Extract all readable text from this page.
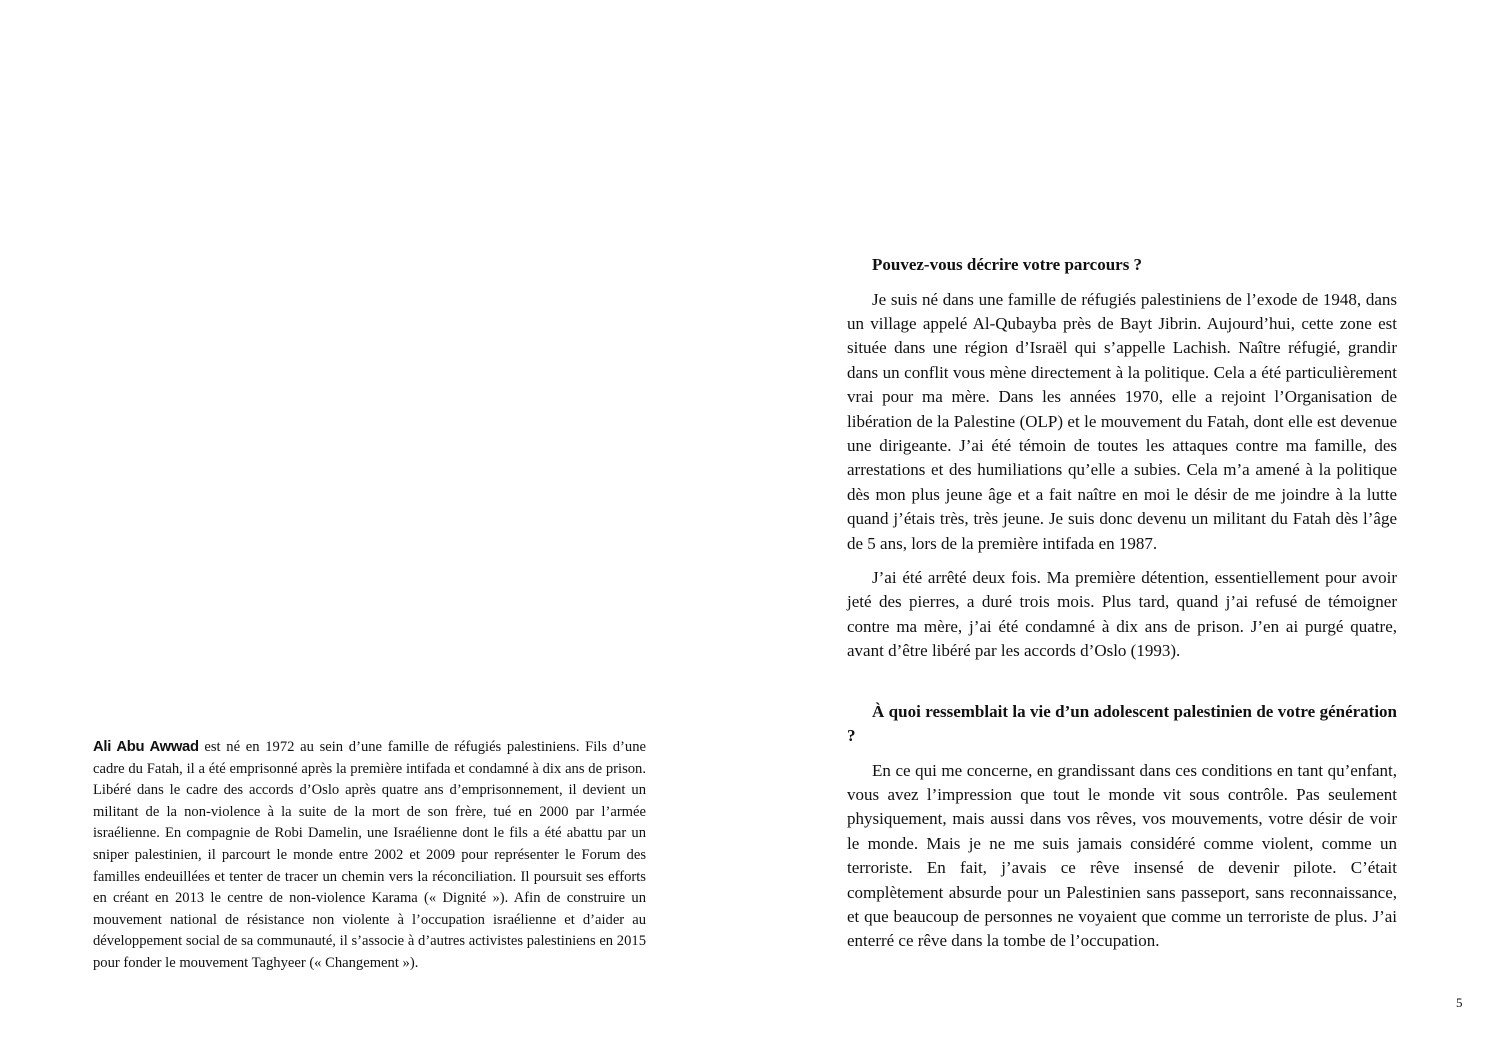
Ali Abu Awwad est né en 1972 au sein d’une famille de réfugiés palestiniens. Fils d’une cadre du Fatah, il a été emprisonné après la première intifada et condamné à dix ans de prison. Libéré dans le cadre des accords d’Oslo après quatre ans d’emprisonnement, il devient un militant de la non-violence à la suite de la mort de son frère, tué en 2000 par l’armée israélienne. En compagnie de Robi Damelin, une Israélienne dont le fils a été abattu par un sniper palestinien, il parcourt le monde entre 2002 et 2009 pour représenter le Forum des familles endeuillées et tenter de tracer un chemin vers la réconciliation. Il poursuit ses efforts en créant en 2013 le centre de non-violence Karama (« Dignité »). Afin de construire un mouvement national de résistance non violente à l’occupation israélienne et d’aider au développement social de sa communauté, il s’associe à d’autres activistes palestiniens en 2015 pour fonder le mouvement Taghyeer (« Changement »).

Pouvez-vous décrire votre parcours ?

Je suis né dans une famille de réfugiés palestiniens de l’exode de 1948, dans un village appelé Al-Qubayba près de Bayt Jibrin. Aujourd’hui, cette zone est située dans une région d’Israël qui s’appelle Lachish. Naître réfugié, grandir dans un conflit vous mène directement à la politique. Cela a été particulièrement vrai pour ma mère. Dans les années 1970, elle a rejoint l’Organisation de libération de la Palestine (OLP) et le mouvement du Fatah, dont elle est devenue une dirigeante. J’ai été témoin de toutes les attaques contre ma famille, des arrestations et des humiliations qu’elle a subies. Cela m’a amené à la politique dès mon plus jeune âge et a fait naître en moi le désir de me joindre à la lutte quand j’étais très, très jeune. Je suis donc devenu un militant du Fatah dès l’âge de 5 ans, lors de la première intifada en 1987.

J’ai été arrêté deux fois. Ma première détention, essentiellement pour avoir jeté des pierres, a duré trois mois. Plus tard, quand j’ai refusé de témoigner contre ma mère, j’ai été condamné à dix ans de prison. J’en ai purgé quatre, avant d’être libéré par les accords d’Oslo (1993).

À quoi ressemblait la vie d’un adolescent palestinien de votre génération ?

En ce qui me concerne, en grandissant dans ces conditions en tant qu’enfant, vous avez l’impression que tout le monde vit sous contrôle. Pas seulement physiquement, mais aussi dans vos rêves, vos mouvements, votre désir de voir le monde. Mais je ne me suis jamais considéré comme violent, comme un terroriste. En fait, j’avais ce rêve insensé de devenir pilote. C’était complètement absurde pour un Palestinien sans passeport, sans reconnaissance, et que beaucoup de personnes ne voyaient que comme un terroriste de plus. J’ai enterré ce rêve dans la tombe de l’occupation.

5
